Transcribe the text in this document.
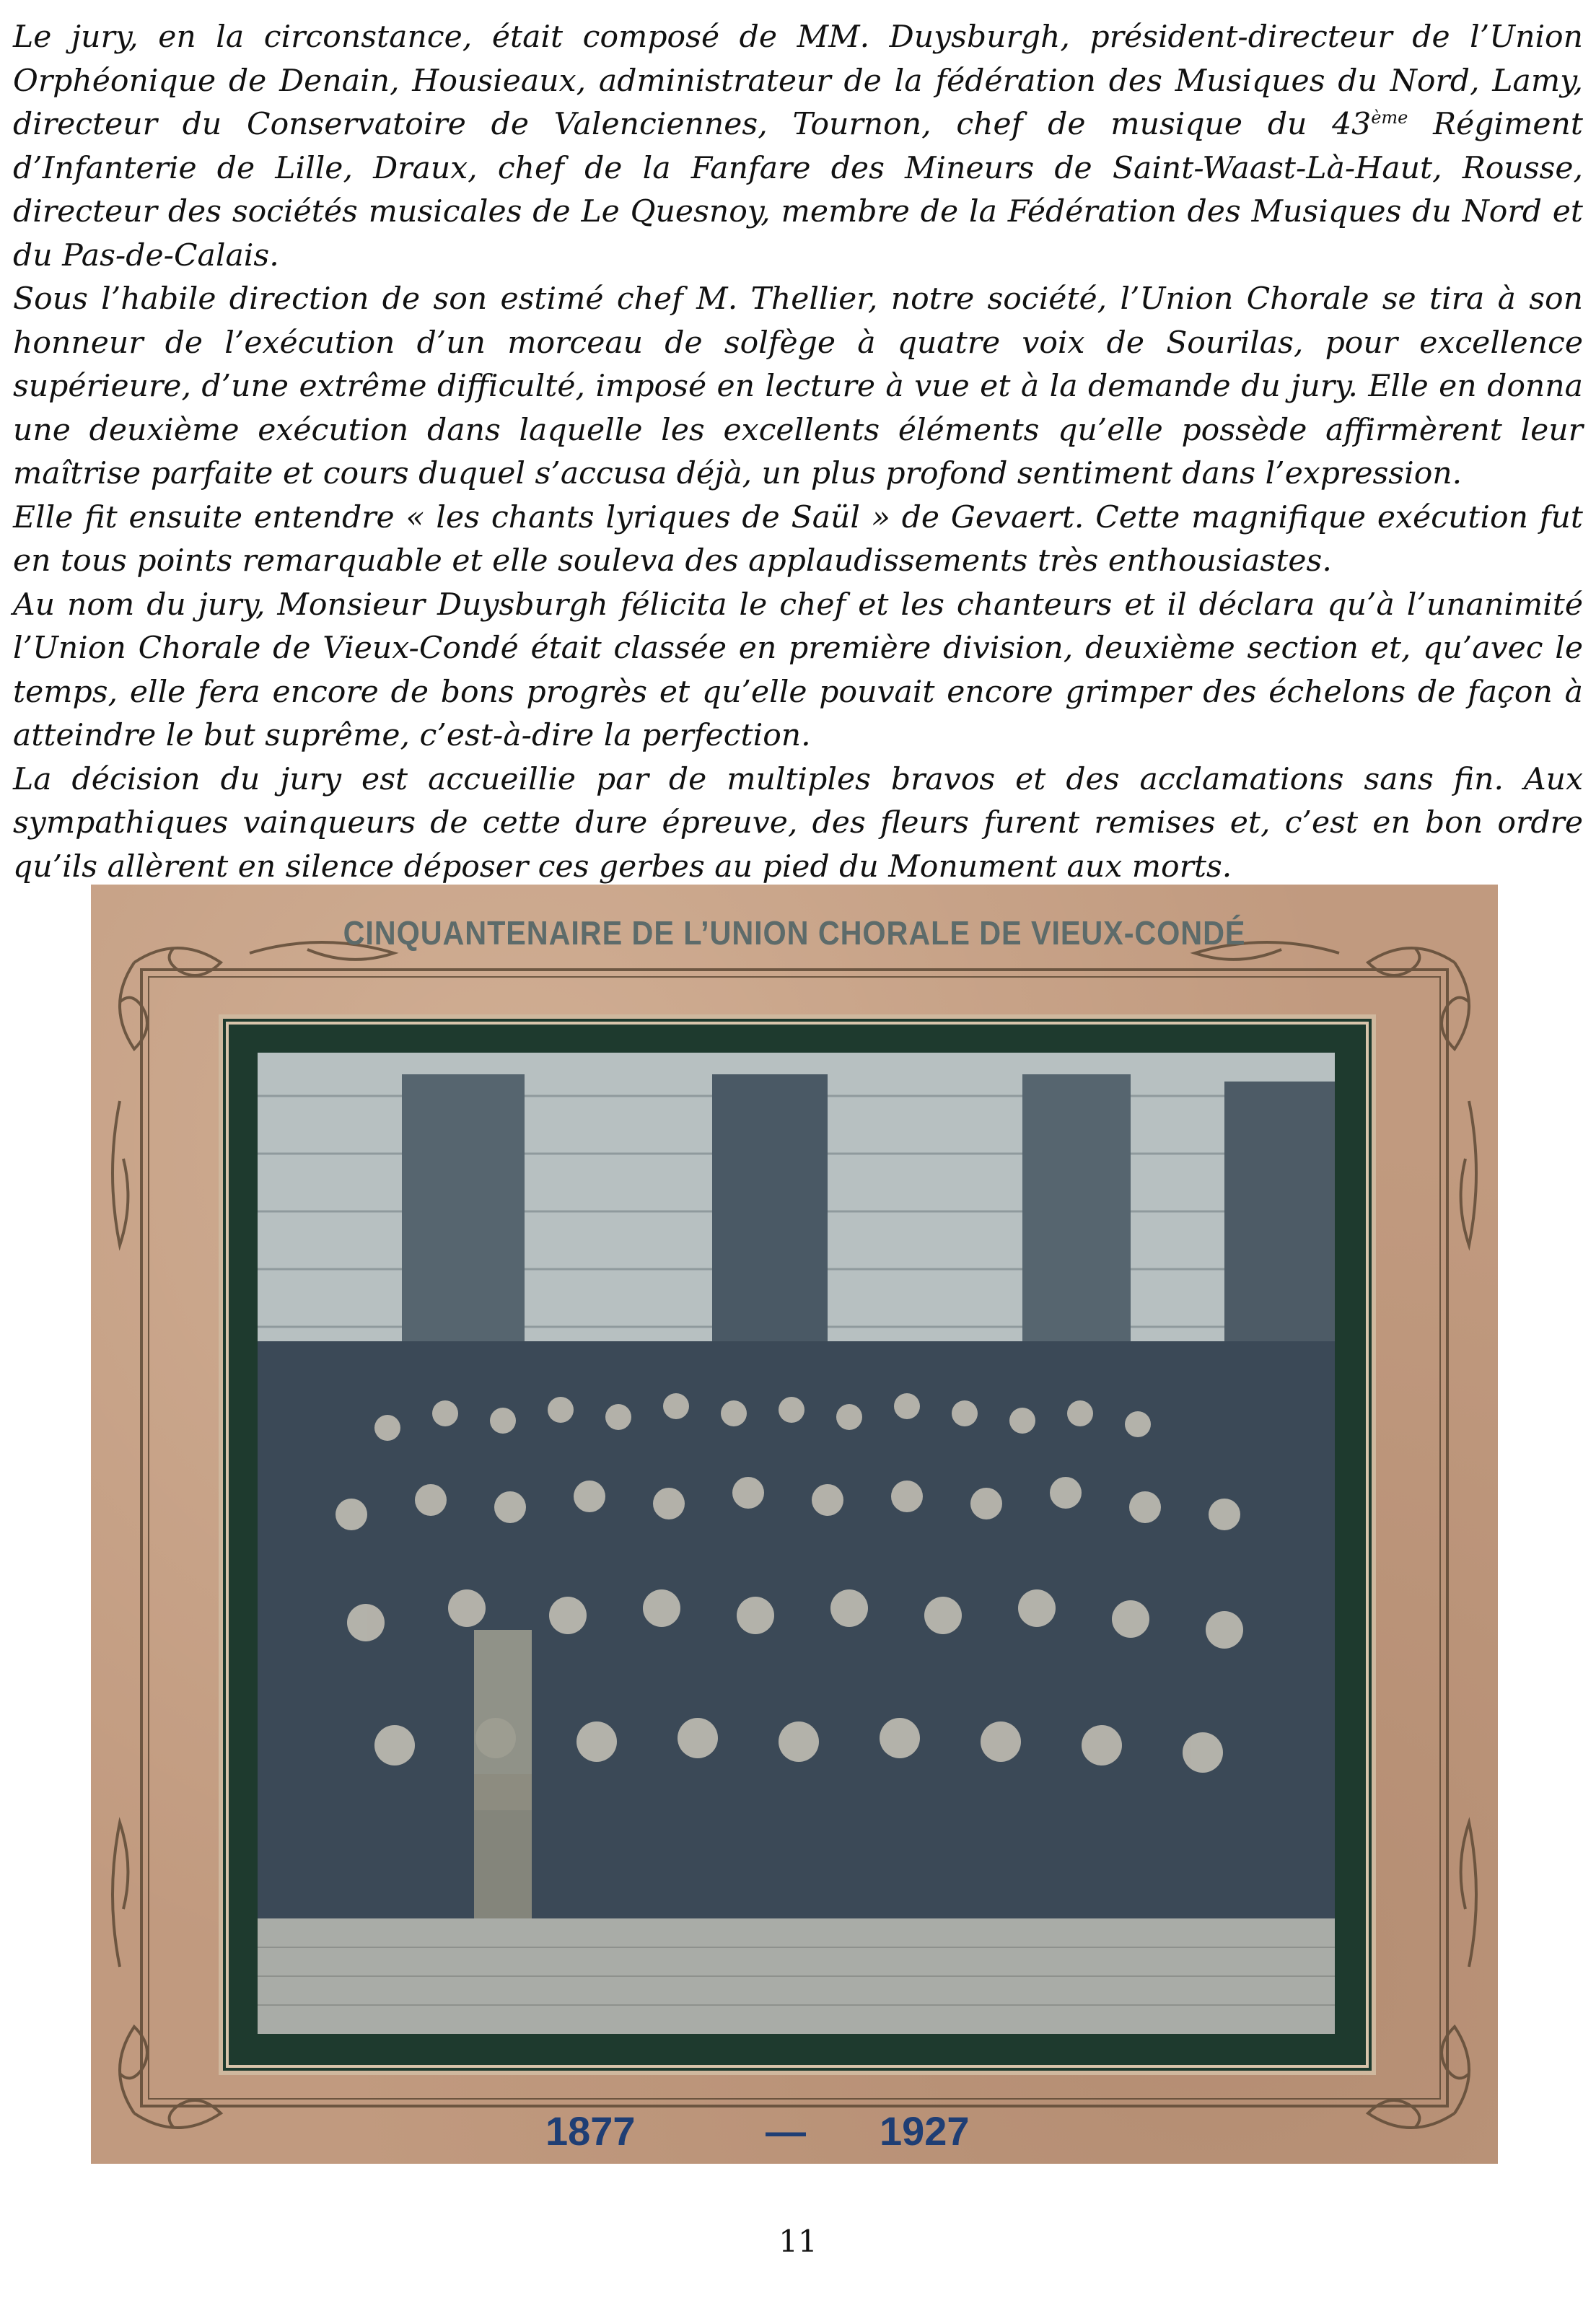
Le jury, en la circonstance, était composé de MM. Duysburgh, président-directeur de l’Union Orphéonique de Denain, Housieaux, administrateur de la fédération des Musiques du Nord, Lamy, directeur du Conservatoire de Valenciennes, Tournon, chef de musique du 43ème Régiment d’Infanterie de Lille, Draux, chef de la Fanfare des Mineurs de Saint-Waast-Là-Haut, Rousse, directeur des sociétés musicales de Le Quesnoy, membre de la Fédération des Musiques du Nord et du Pas-de-Calais.

Sous l’habile direction de son estimé chef M. Thellier, notre société, l’Union Chorale se tira à son honneur de l’exécution d’un morceau de solfège à quatre voix de Sourilas, pour excellence supérieure, d’une extrême difficulté, imposé en lecture à vue et à la demande du jury. Elle en donna une deuxième exécution dans laquelle les excellents éléments qu’elle possède affirmèrent leur maîtrise parfaite et cours duquel s’accusa déjà, un plus profond sentiment dans l’expression.

Elle fit ensuite entendre « les chants lyriques de Saül » de Gevaert. Cette magnifique exécution fut en tous points remarquable et elle souleva des applaudissements très enthousiastes.

Au nom du jury, Monsieur Duysburgh félicita le chef et les chanteurs et il déclara qu’à l’unanimité l’Union Chorale de Vieux-Condé était classée en première division, deuxième section et, qu’avec le temps, elle fera encore de bons progrès et qu’elle pouvait encore grimper des échelons de façon à atteindre le but suprême, c’est-à-dire la perfection.

La décision du jury est accueillie par de multiples bravos et des acclamations sans fin. Aux sympathiques vainqueurs de cette dure épreuve, des fleurs furent remises et, c’est en bon ordre qu’ils allèrent en silence déposer ces gerbes au pied du Monument aux morts.

CINQUANTENAIRE DE L’UNION CHORALE DE VIEUX-CONDÉ
1877	— 1927
11
